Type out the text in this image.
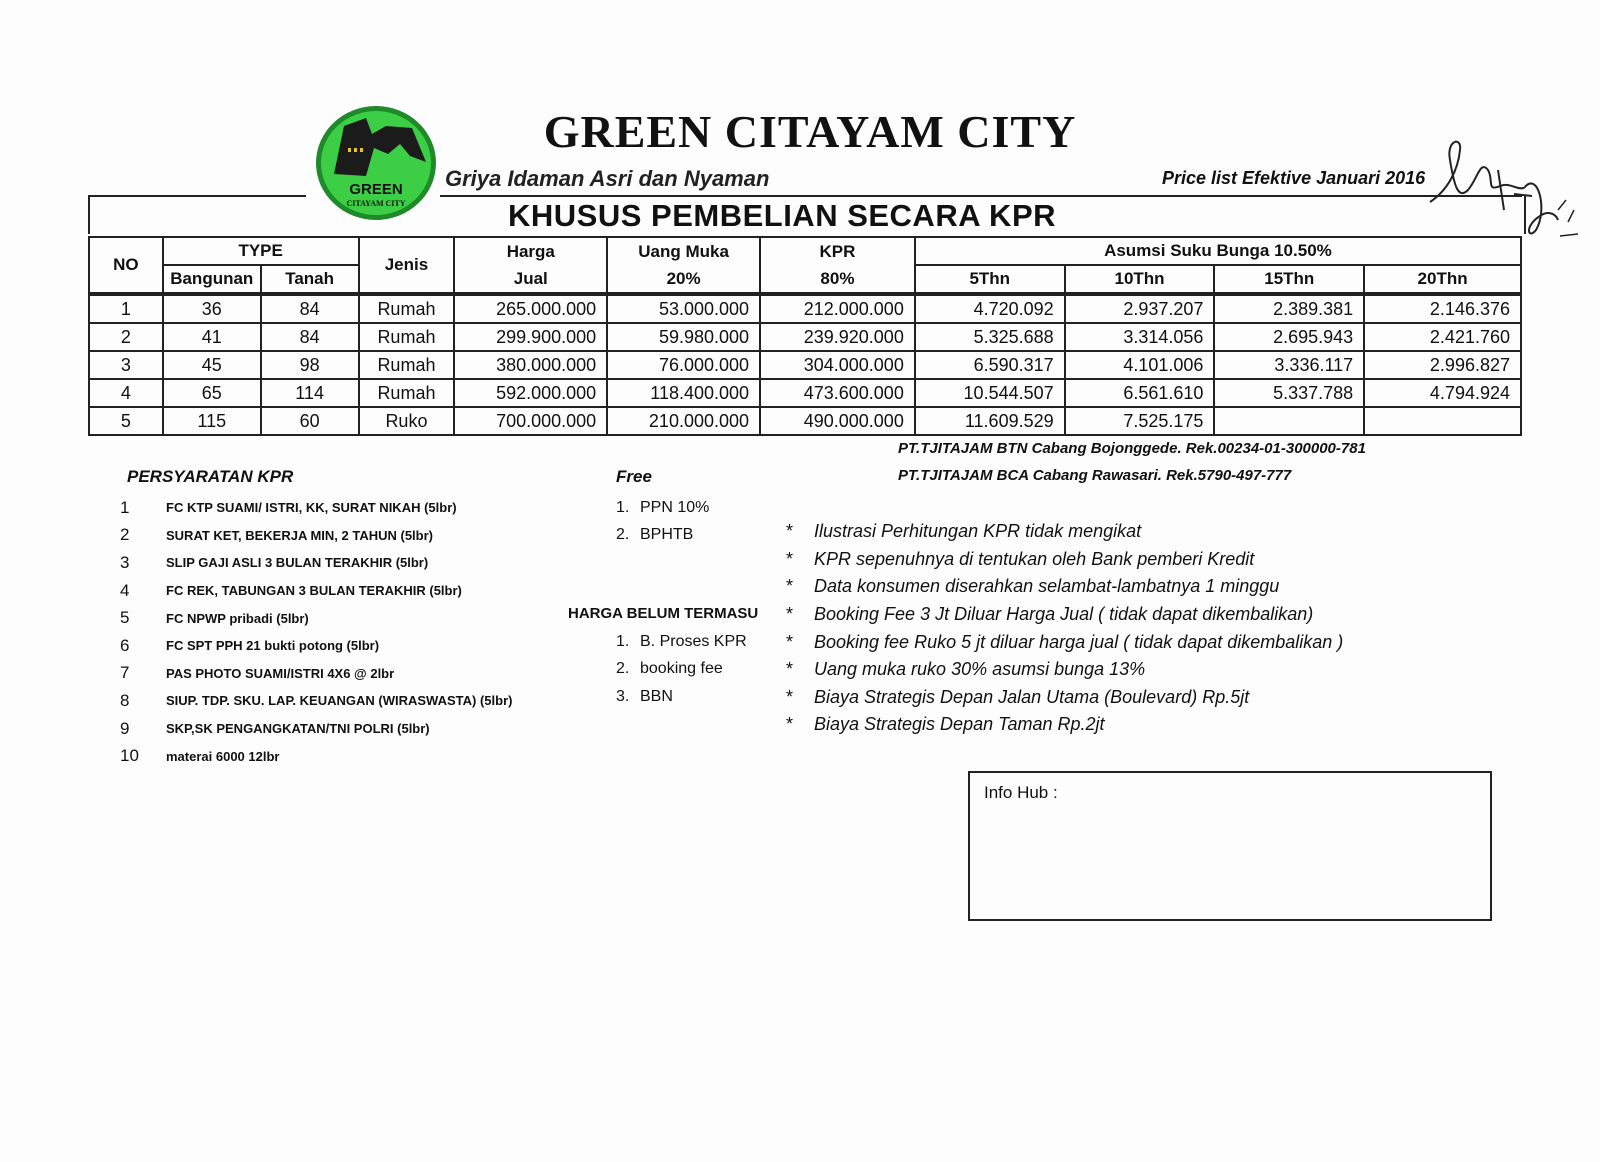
GREEN
CITAYAM CITY
GREEN CITAYAM CITY
Griya Idaman Asri dan Nyaman	Price list Efektive Januari 2016
KHUSUS PEMBELIAN SECARA KPR
NO	TYPE		Jenis	Harga	Uang Muka	KPR	Asumsi Suku Bunga 10.50%			
	Bangunan	Tanah		Jual	20%	80%	5Thn	10Thn	15Thn	20Thn
1	36	84	Rumah	265.000.000	53.000.000	212.000.000	4.720.092	2.937.207	2.389.381	2.146.376
2	41	84	Rumah	299.900.000	59.980.000	239.920.000	5.325.688	3.314.056	2.695.943	2.421.760
3	45	98	Rumah	380.000.000	76.000.000	304.000.000	6.590.317	4.101.006	3.336.117	2.996.827
4	65	114	Rumah	592.000.000	118.400.000	473.600.000	10.544.507	6.561.610	5.337.788	4.794.924
5	115	60	Ruko	700.000.000	210.000.000	490.000.000	11.609.529	7.525.175		
PT.TJITAJAM BTN Cabang Bojonggede. Rek.00234-01-300000-781
PT.TJITAJAM BCA Cabang Rawasari. Rek.5790-497-777
PERSYARATAN KPR
1	FC KTP SUAMI/ ISTRI, KK, SURAT NIKAH (5lbr)
2	SURAT KET, BEKERJA MIN, 2 TAHUN (5lbr)
3	SLIP GAJI ASLI 3 BULAN TERAKHIR (5lbr)
4	FC REK, TABUNGAN 3 BULAN TERAKHIR (5lbr)
5	FC NPWP pribadi (5lbr)
6	FC SPT PPH 21 bukti potong (5lbr)
7	PAS PHOTO SUAMI/ISTRI 4X6 @ 2lbr
8	SIUP. TDP. SKU. LAP. KEUANGAN (WIRASWASTA) (5lbr)
9	SKP,SK PENGANGKATAN/TNI POLRI (5lbr)
10	materai 6000 12lbr
Free
1. PPN 10%
2. BPHTB
HARGA BELUM TERMASU
1. B. Proses KPR
2. booking fee
3. BBN
*	Ilustrasi Perhitungan KPR tidak mengikat
*	KPR sepenuhnya di tentukan oleh Bank pemberi Kredit
*	Data konsumen diserahkan selambat-lambatnya 1 minggu
*	Booking Fee 3 Jt Diluar Harga Jual ( tidak dapat dikembalikan)
*	Booking fee Ruko 5 jt diluar harga jual ( tidak dapat dikembalikan )
*	Uang muka ruko 30% asumsi bunga 13%
*	Biaya Strategis Depan Jalan Utama (Boulevard) Rp.5jt
*	Biaya Strategis Depan Taman Rp.2jt
Info Hub :
